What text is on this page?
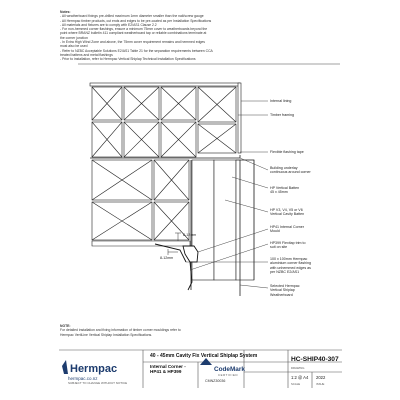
Notes:
- All weatherboard fixings pre-drilled maximum 1mm diameter smaller than the nail/screw gauge
- All Hermpac timber products, cut ends and edges to be pre-coated as per Installation Specifications
- All materials and fixtures are to comply with E2/AS1 Clause 2.2
- For non-hemmed corner flashings, ensure a minimum 75mm cover to weatherboards beyond the
point where BRANZ bulletin 411 compliant weatherboard tap or reliable combinations terminate at
the corner junction
- In Extra High Wind Zone and above, the 75mm cover requirement remains and hemmed edges
must also be used
- Refer to NZBC Acceptable Solutions E2/AS1 Table 21 for the separation requirements between CCA
treated battens and metal flashings
- Prior to installation, refer to Hermpac Vertical Shiplap Technical Installation Specifications
Internal lining
Timber framing
Flexible flashing tape
Building underlay
continuous around corner
HP Vertical Batten
45 x 45mm
HP V3, V4, V5 or V6
Vertical Cavity Batten
HP41 Internal Corner
Mould
HP399 Flexitap trim to
suit on site
100 x 100mm Hermpac
aluminium corner flashing
with unhemmed edges as
per NZBC E2/AS1
Selected Hermpac
Vertical Shiplap
Weatherboard
8-12mm
8-12mm
NOTE:
For detailed installation and fixing information of timber corner mouldings refer to
Hermpac VertiLine Vertical Shiplap Installation Specifications.
Hermpac
hermpac.co.nz
SUBJECT TO CHANGE WITHOUT NOTICE
40 - 45mm Cavity Fix Vertical Shiplap System
Internal Corner -
HP41 & HP399	CodeMark
CERTIFIED
CMNZ30036
HC-SHIP40-307
DRAWING
1:2 @ A4
SCALE
2022
ISSUE
